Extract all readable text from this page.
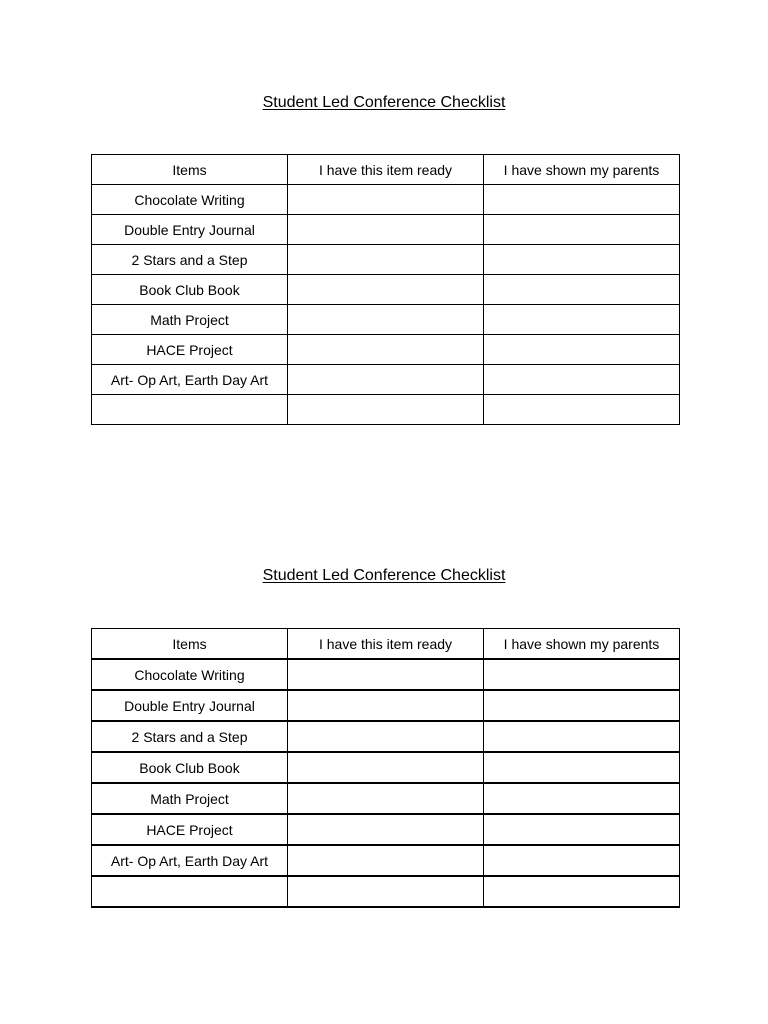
Student Led Conference Checklist
Items	I have this item ready	I have shown my parents
Chocolate Writing		
Double Entry Journal		
2 Stars and a Step		
Book Club Book		
Math Project		
HACE Project		
Art- Op Art, Earth Day Art		

Student Led Conference Checklist
Items	I have this item ready	I have shown my parents
Chocolate Writing		
Double Entry Journal		
2 Stars and a Step		
Book Club Book		
Math Project		
HACE Project		
Art- Op Art, Earth Day Art		
